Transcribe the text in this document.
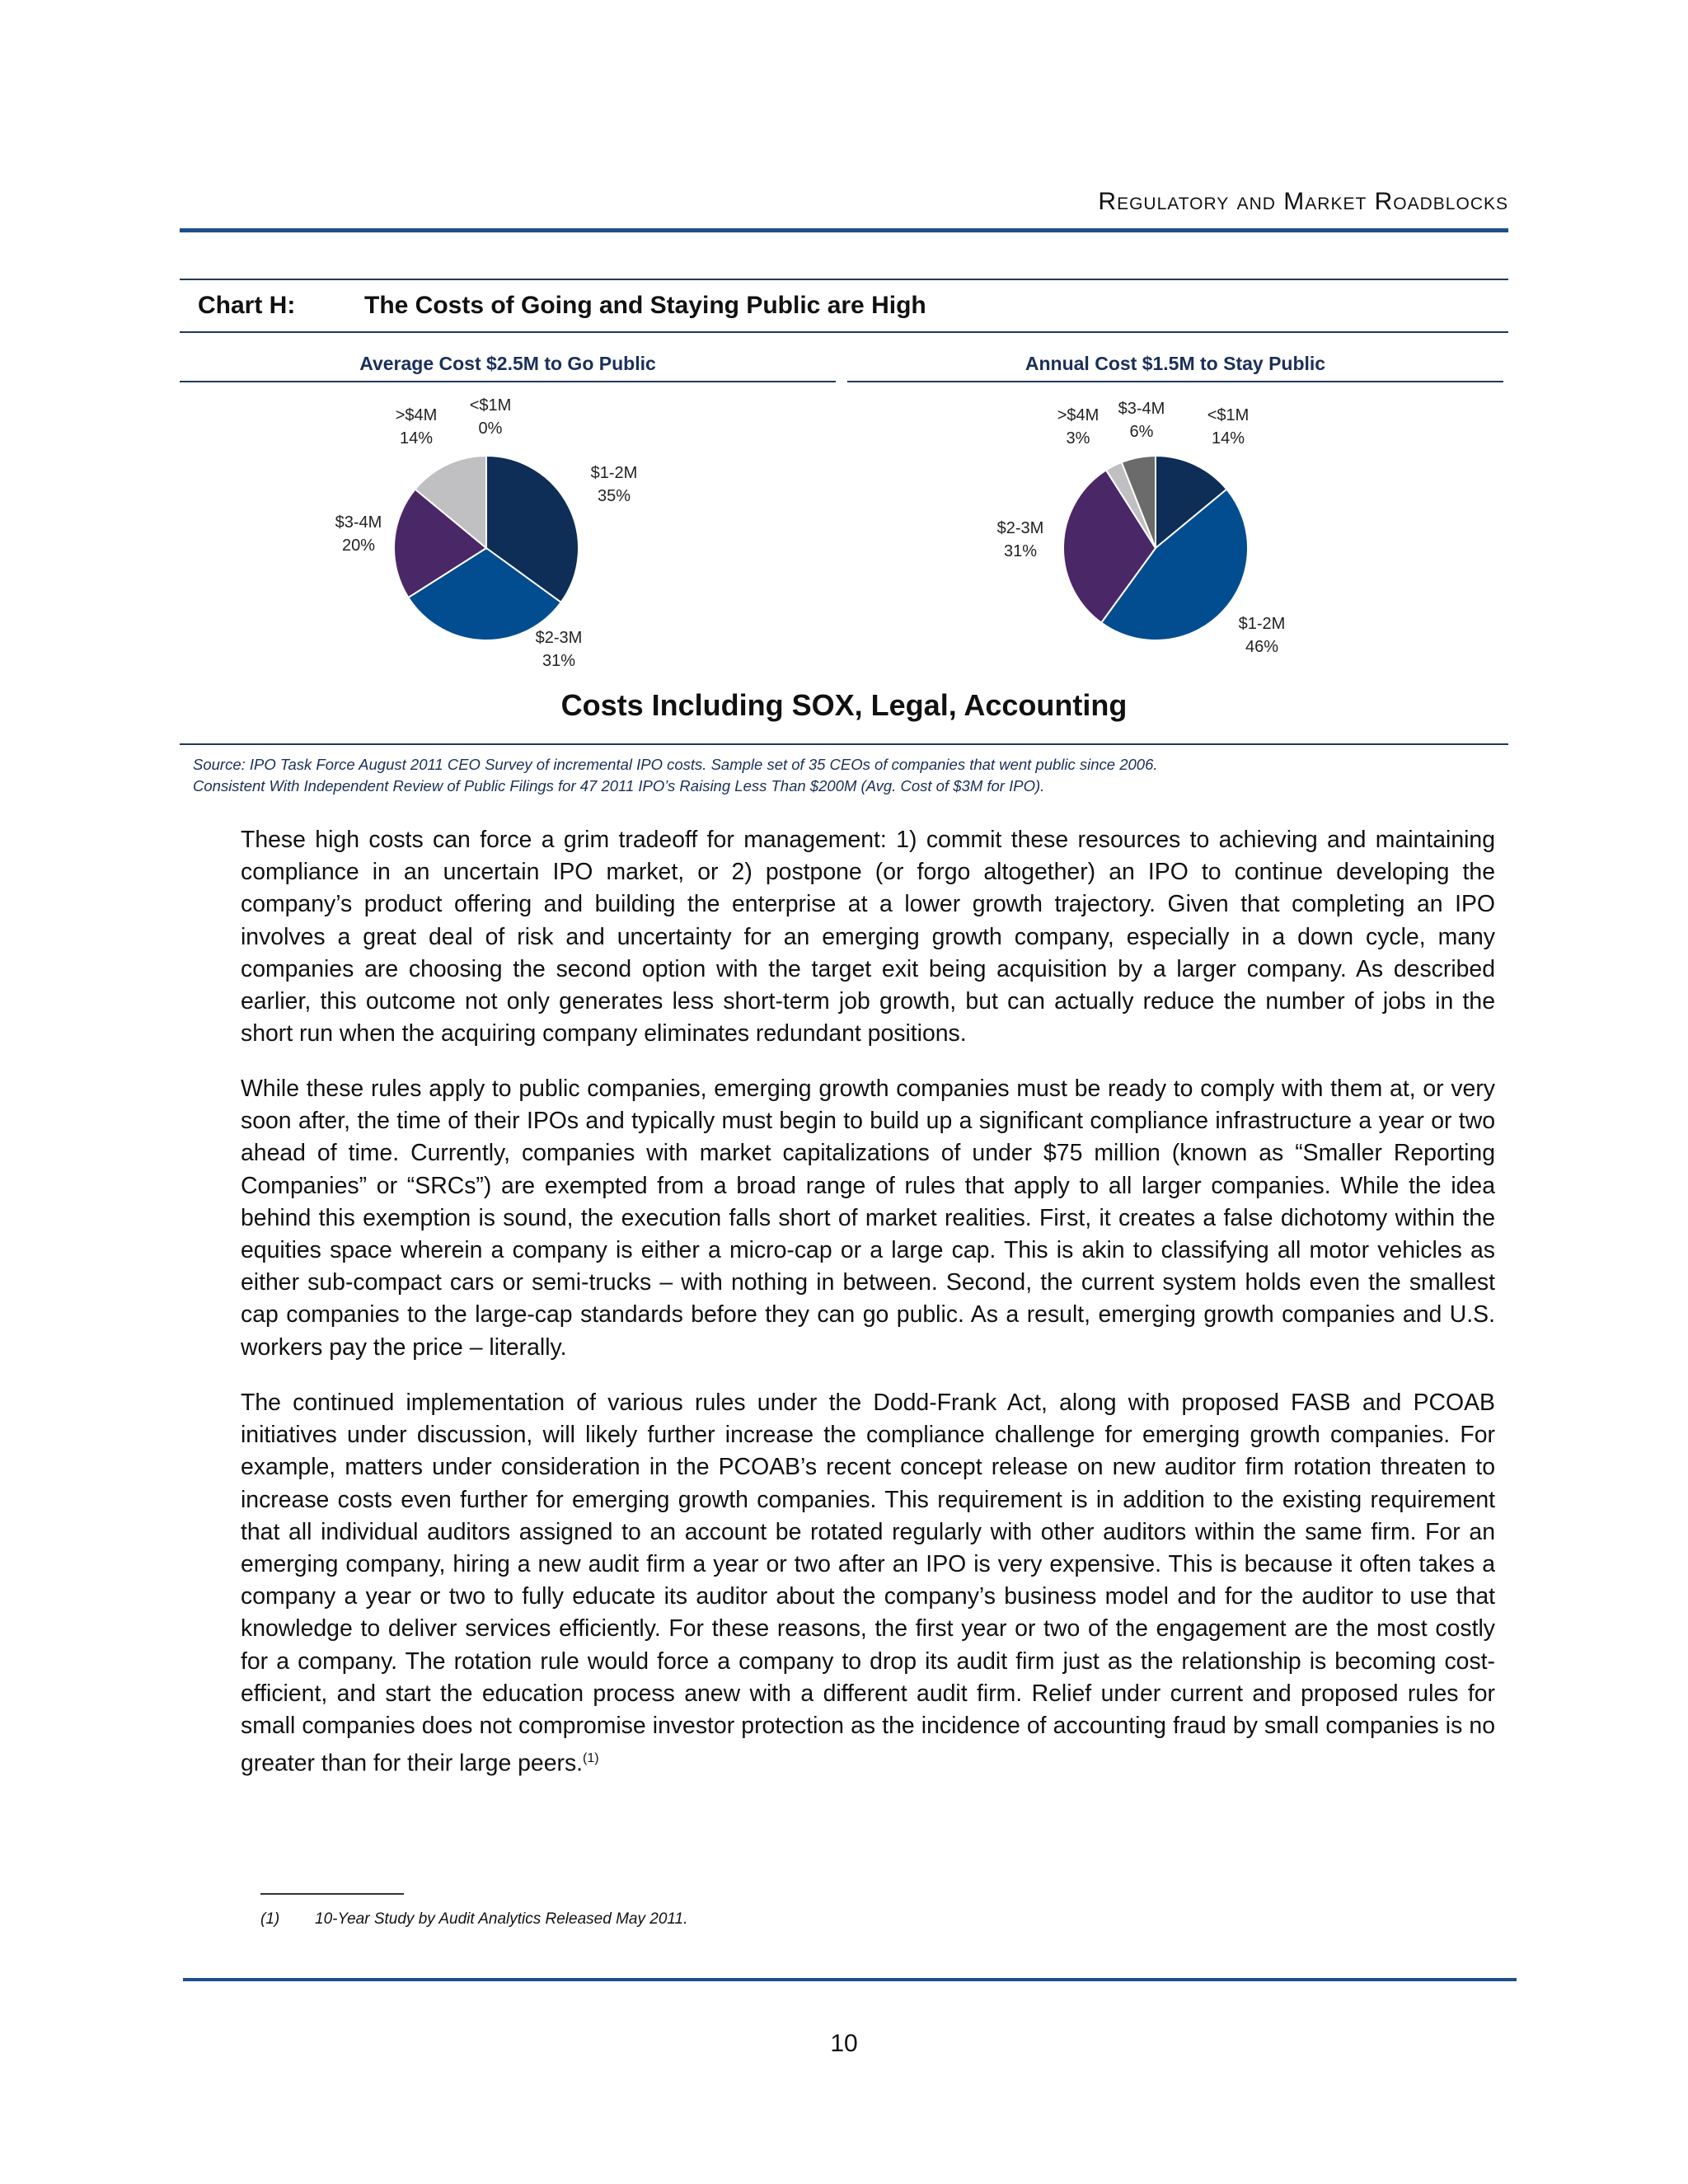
Regulatory and Market Roadblocks
Chart H:	The Costs of Going and Staying Public are High
Average Cost $2.5M to Go Public
<$1M
0%
>$4M
14%
$1-2M
35%
$3-4M
20%
$2-3M
31%
Annual Cost $1.5M to Stay Public
>$4M
3%
$3-4M
6%
<$1M
14%
$2-3M
31%
$1-2M
46%
Costs Including SOX, Legal, Accounting
Source: IPO Task Force August 2011 CEO Survey of incremental IPO costs. Sample set of 35 CEOs of companies that went public since 2006.
Consistent With Independent Review of Public Filings for 47 2011 IPO’s Raising Less Than $200M (Avg. Cost of $3M for IPO).

These high costs can force a grim tradeoff for management: 1) commit these resources to achieving and maintaining compliance in an uncertain IPO market, or 2) postpone (or forgo altogether) an IPO to continue developing the company’s product offering and building the enterprise at a lower growth trajectory. Given that completing an IPO involves a great deal of risk and uncertainty for an emerging growth company, especially in a down cycle, many companies are choosing the second option with the target exit being acquisition by a larger company. As described earlier, this outcome not only generates less short-term job growth, but can actually reduce the number of jobs in the short run when the acquiring company eliminates redundant positions.

While these rules apply to public companies, emerging growth companies must be ready to comply with them at, or very soon after, the time of their IPOs and typically must begin to build up a significant compliance infrastructure a year or two ahead of time. Currently, companies with market capitalizations of under $75 million (known as “Smaller Reporting Companies” or “SRCs”) are exempted from a broad range of rules that apply to all larger companies. While the idea behind this exemption is sound, the execution falls short of market realities. First, it creates a false dichotomy within the equities space wherein a company is either a micro-cap or a large cap. This is akin to classifying all motor vehicles as either sub-compact cars or semi-trucks – with nothing in between. Second, the current system holds even the smallest cap companies to the large-cap standards before they can go public. As a result, emerging growth companies and U.S. workers pay the price – literally.

The continued implementation of various rules under the Dodd-Frank Act, along with proposed FASB and PCOAB initiatives under discussion, will likely further increase the compliance challenge for emerging growth companies. For example, matters under consideration in the PCOAB’s recent concept release on new auditor firm rotation threaten to increase costs even further for emerging growth companies. This requirement is in addition to the existing requirement that all individual auditors assigned to an account be rotated regularly with other auditors within the same firm. For an emerging company, hiring a new audit firm a year or two after an IPO is very expensive. This is because it often takes a company a year or two to fully educate its auditor about the company’s business model and for the auditor to use that knowledge to deliver services efficiently. For these reasons, the first year or two of the engagement are the most costly for a company. The rotation rule would force a company to drop its audit firm just as the relationship is becoming cost-efficient, and start the education process anew with a different audit firm. Relief under current and proposed rules for small companies does not compromise investor protection as the incidence of accounting fraud by small companies is no greater than for their large peers.$^{(1)}$

(1) 10-Year Study by Audit Analytics Released May 2011.
10
